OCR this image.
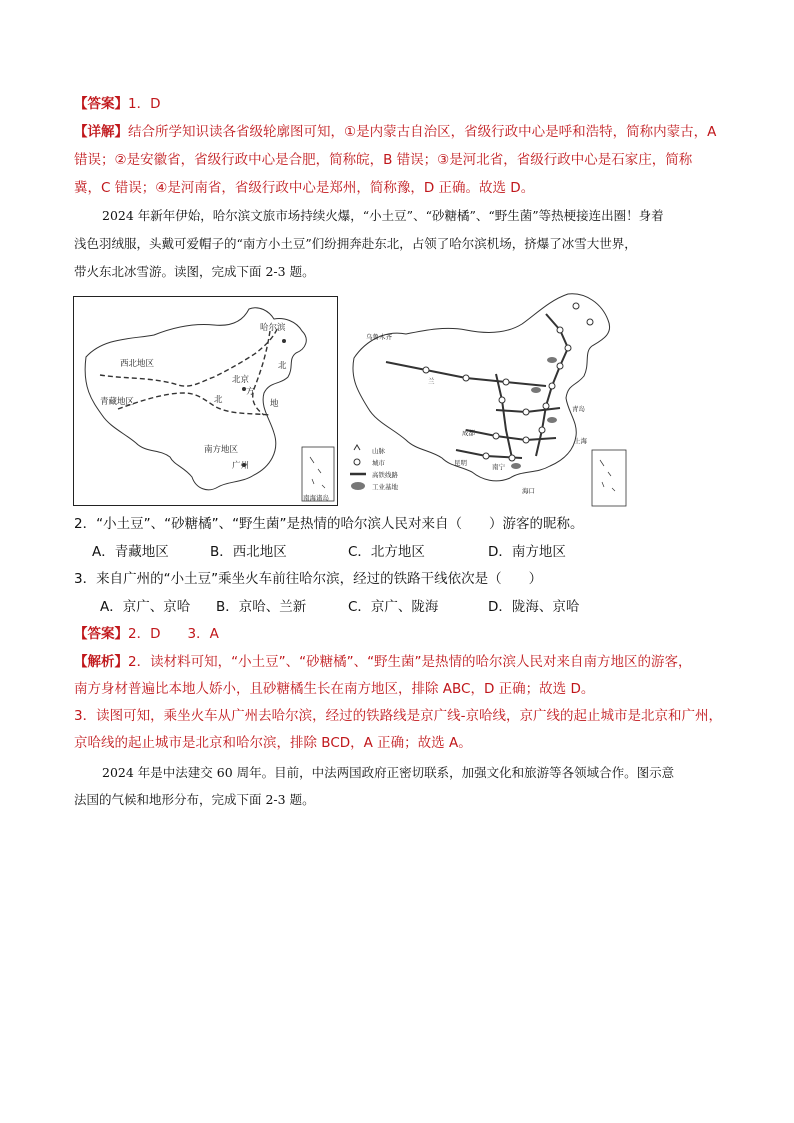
【答案】1．D
【详解】结合所学知识读各省级轮廓图可知，①是内蒙古自治区，省级行政中心是呼和浩特，简称内蒙古，A
错误；②是安徽省，省级行政中心是合肥，简称皖，B 错误；③是河北省，省级行政中心是石家庄，简称
冀，C 错误；④是河南省，省级行政中心是郑州，简称豫，D 正确。故选 D。
2024 年新年伊始，哈尔滨文旅市场持续火爆，“小土豆”、“砂糖橘”、“野生菌”等热梗接连出圈！身着
浅色羽绒服，头戴可爱帽子的“南方小土豆”们纷拥奔赴东北，占领了哈尔滨机场，挤爆了冰雪大世界，
带火东北冰雪游。读图，完成下面 2-3 题。
哈尔滨
西北地区
北京
北
方
地
青藏地区	北
南方地区
广州
南海诸岛
乌鲁木齐
兰
青岛
上海
成都
昆明	南宁
海口
山脉
城市
高铁线路
工业基地
2．“小土豆”、“砂糖橘”、“野生菌”是热情的哈尔滨人民对来自（　　）游客的昵称。
A．青藏地区	B．西北地区	C．北方地区	D．南方地区
3．来自广州的“小土豆”乘坐火车前往哈尔滨，经过的铁路干线依次是（　　）
A．京广、京哈 B．京哈、兰新	C．京广、陇海	D．陇海、京哈
【答案】2．D　　3．A
【解析】2．读材料可知，“小土豆”、“砂糖橘”、“野生菌”是热情的哈尔滨人民对来自南方地区的游客，
南方身材普遍比本地人娇小，且砂糖橘生长在南方地区，排除 ABC，D 正确；故选 D。
3．读图可知，乘坐火车从广州去哈尔滨，经过的铁路线是京广线-京哈线，京广线的起止城市是北京和广州，
京哈线的起止城市是北京和哈尔滨，排除 BCD，A 正确；故选 A。
2024 年是中法建交 60 周年。目前，中法两国政府正密切联系，加强文化和旅游等各领域合作。图示意
法国的气候和地形分布，完成下面 2-3 题。
